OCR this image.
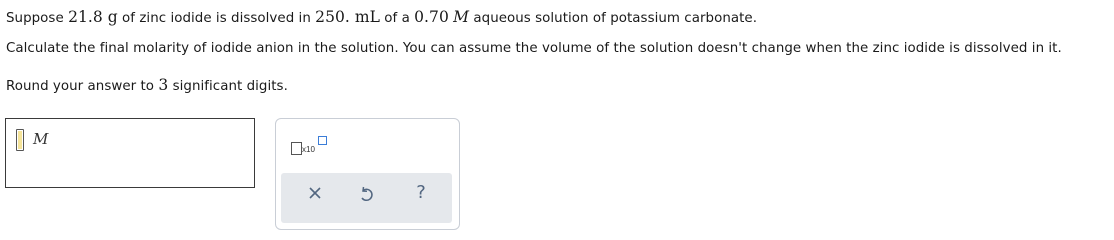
Suppose 21.8 g of zinc iodide is dissolved in 250. mL of a 0.70 M aqueous solution of potassium carbonate.
Calculate the final molarity of iodide anion in the solution. You can assume the volume of the solution doesn't change when the zinc iodide is dissolved in it.
Round your answer to 3 significant digits.
M
x10
?
